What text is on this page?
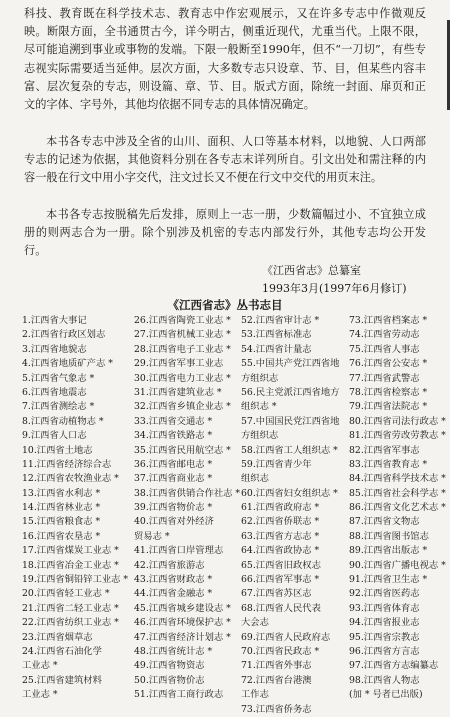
科技、教育既在科学技术志、教育志中作宏观展示，又在许多专志中作微观反映。断限方面，全书通贯古今，详今明古，侧重近现代，尤重当代。上限不限，尽可能追溯到事业或事物的发端。下限一般断至1990年，但不“一刀切”，有些专志视实际需要适当延伸。层次方面，大多数专志只设章、节、目，但某些内容丰富、层次复杂的专志，则设篇、章、节、目。版式方面，除统一封面、扉页和正文的字体、字号外，其他均依据不同专志的具体情况确定。

本书各专志中涉及全省的山川、面积、人口等基本材料，以地貌、人口两部专志的记述为依据，其他资料分别在各专志末详列所自。引文出处和需注释的内容一般在行文中用小字交代，注文过长又不便在行文中交代的用页末注。

本书各专志按脱稿先后发排，原则上一志一册，少数篇幅过小、不宜独立成册的则两志合为一册。除个别涉及机密的专志内部发行外，其他专志均公开发行。

《江西省志》总纂室
1993年3月(1997年6月修订)
《江西省志》丛书志目
1.江西省大事记
2.江西省行政区划志
3.江西省地貌志
4.江西省地质矿产志 *
5.江西省气象志 *
6.江西省地震志
7.江西省测绘志 *
8.江西省动植物志 *
9.江西省人口志
10.江西省土地志
11.江西省经济综合志
12.江西省农牧渔业志 *
13.江西省水利志 *
14.江西省林业志 *
15.江西省粮食志 *
16.江西省农垦志 *
17.江西省煤炭工业志 *
18.江西省冶金工业志 *
19.江西省铜铅锌工业志 *
20.江西省轻工业志 *
21.江西省二轻工业志 *
22.江西省纺织工业志 *
23.江西省烟草志
24.江西省石油化学
工业志 *
25.江西省建筑材料
工业志 *
26.江西省陶瓷工业志 *
27.江西省机械工业志 *
28.江西省电子工业志 *
29.江西省军事工业志
30.江西省电力工业志 *
31.江西省建筑业志 *
32.江西省乡镇企业志 *
33.江西省交通志 *
34.江西省铁路志 *
35.江西省民用航空志 *
36.江西省邮电志 *
37.江西省商业志 *
38.江西省供销合作社志 *
39.江西省物价志 *
40.江西省对外经济
贸易志 *
41.江西省口岸管理志
42.江西省旅游志
43.江西省财政志 *
44.江西省金融志 *
45.江西省城乡建设志 *
46.江西省环境保护志 *
47.江西省经济计划志 *
48.江西省统计志 *
49.江西省物资志
50.江西省物价志
51.江西省工商行政志
52.江西省审计志 *
53.江西省标准志
54.江西省计量志
55.中国共产党江西省地
方组织志
56.民主党派江西省地方
组织志 *
57.中国国民党江西省地
方组织志
58.江西省工人组织志 *
59.江西省青少年
组织志
60.江西省妇女组织志 *
61.江西省政府志 *
62.江西省侨联志 *
63.江西省方志志 *
64.江西省政协志 *
65.江西省旧政权志
66.江西省军事志 *
67.江西省苏区志
68.江西省人民代表
大会志
69.江西省人民政府志
70.江西省民政志 *
71.江西省外事志
72.江西省台港澳
工作志
73.江西省侨务志
73.江西省档案志 *
74.江西省劳动志
75.江西省人事志
76.江西省公安志 *
77.江西省武警志
78.江西省检察志 *
79.江西省法院志 *
80.江西省司法行政志 *
81.江西省劳改劳教志 *
82.江西省军事志
83.江西省教育志 *
84.江西省科学技术志 *
85.江西省社会科学志 *
86.江西省文化艺术志 *
87.江西省文物志
88.江西省图书馆志
89.江西省出版志 *
90.江西省广播电视志 *
91.江西省卫生志 *
92.江西省医药志
93.江西省体育志
94.江西省报业志
95.江西省宗教志
96.江西省方言志
97.江西省方志编纂志
98.江西省人物志
(加 * 号者已出版)
